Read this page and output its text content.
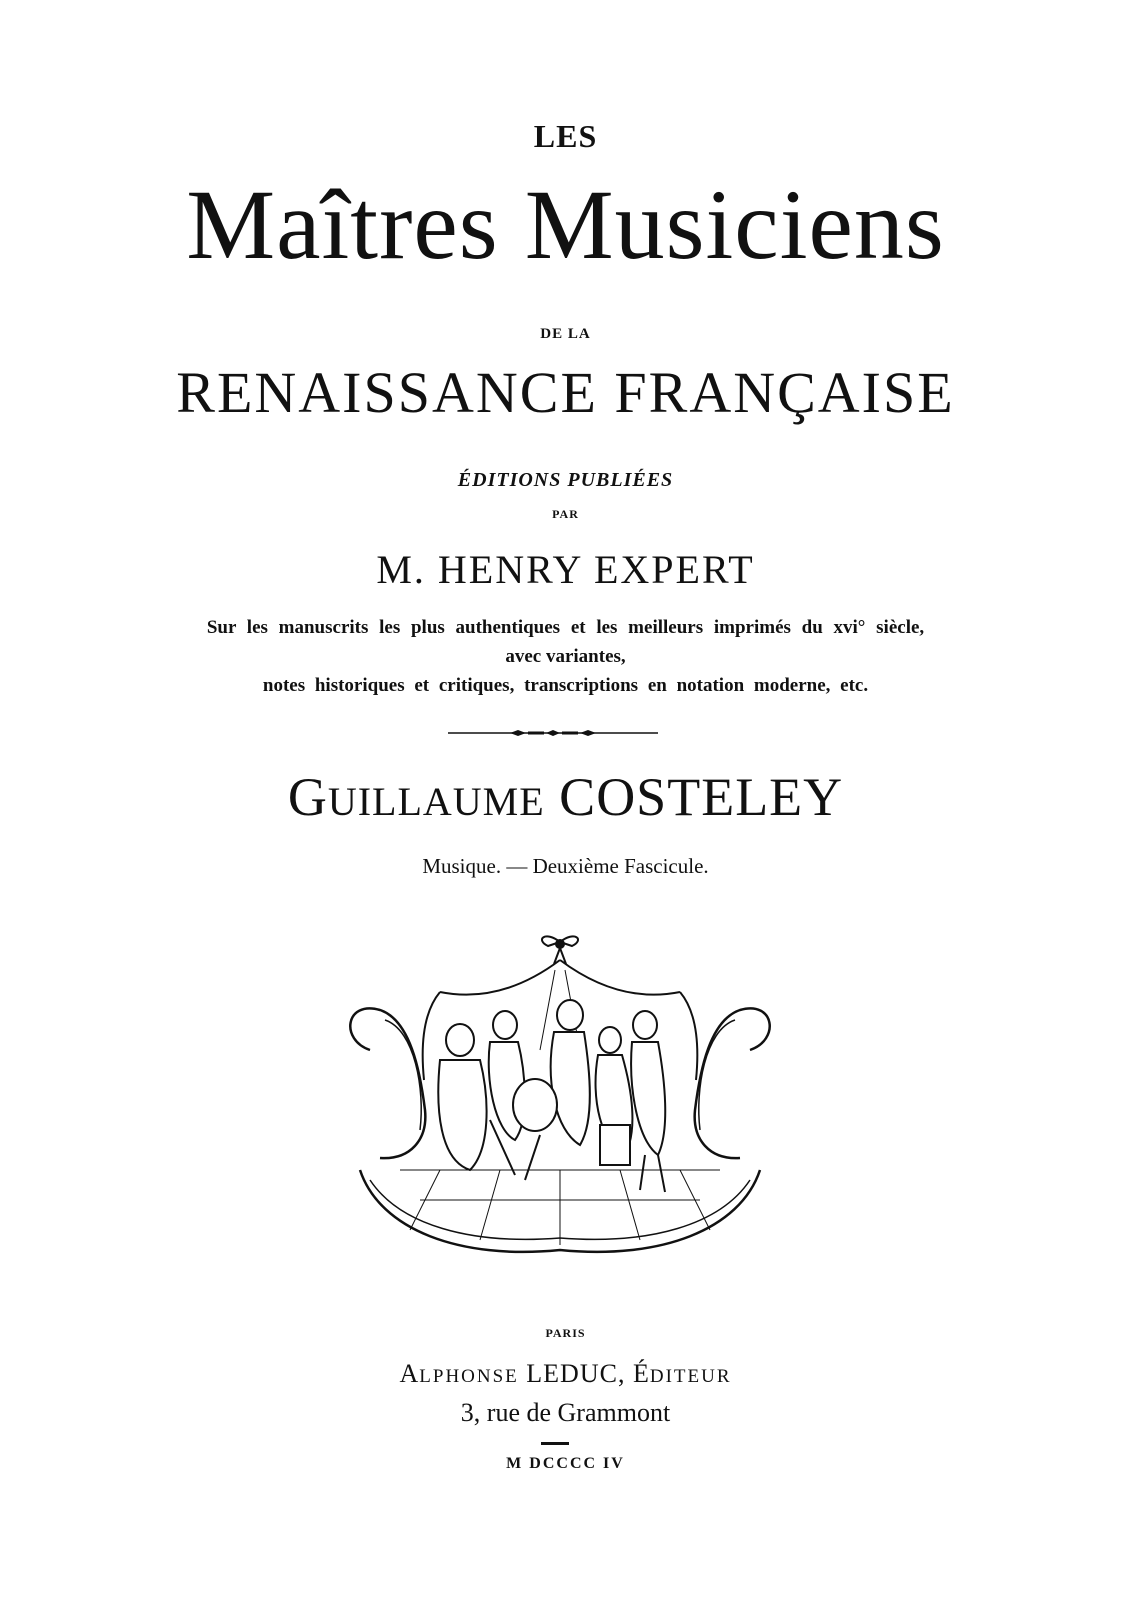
LES
Maîtres Musiciens
DE LA
RENAISSANCE FRANÇAISE
ÉDITIONS PUBLIÉES
PAR
M. HENRY EXPERT
Sur les manuscrits les plus authentiques et les meilleurs imprimés du xvi° siècle,
avec variantes,
notes historiques et critiques, transcriptions en notation moderne, etc.
GUILLAUME COSTELEY
Musique. — Deuxième Fascicule.
PARIS
ALPHONSE LEDUC, ÉDITEUR
3, rue de Grammont
M DCCCC IV
